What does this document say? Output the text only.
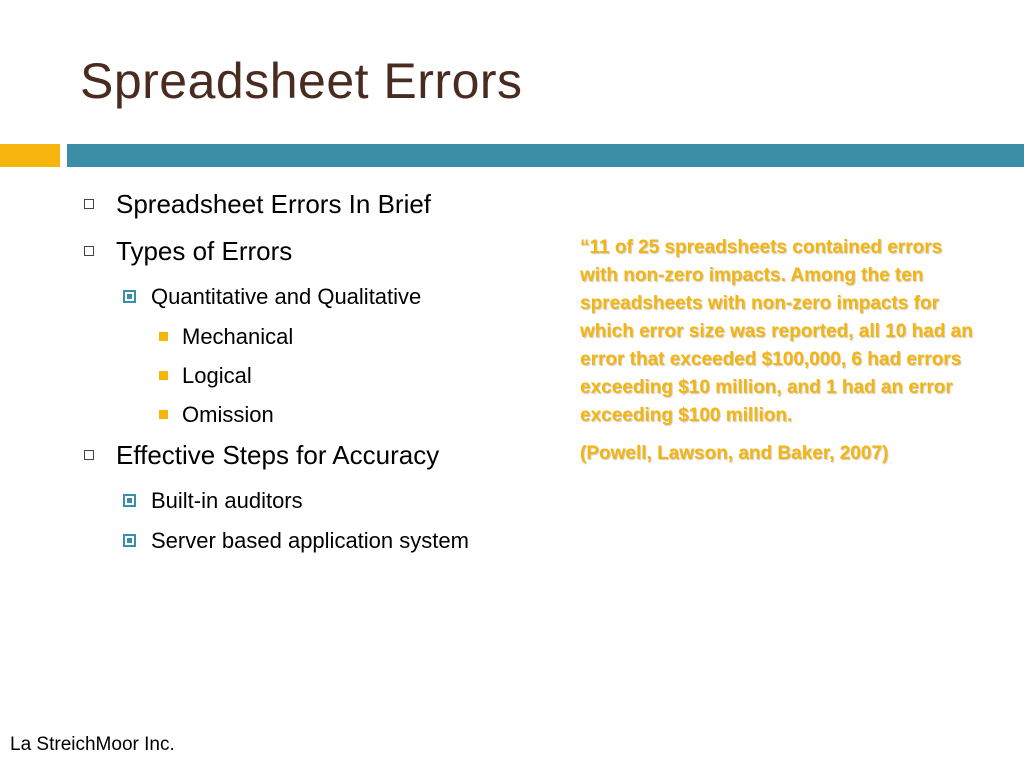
Spreadsheet Errors
Spreadsheet Errors In Brief
Types of Errors
Quantitative and Qualitative
Mechanical
Logical
Omission
Effective Steps for Accuracy
Built-in auditors
Server based application system

“11 of 25 spreadsheets contained errors with non-zero impacts. Among the ten spreadsheets with non-zero impacts for which error size was reported, all 10 had an error that exceeded $100,000, 6 had errors exceeding $10 million, and 1 had an error exceeding $100 million.

(Powell, Lawson, and Baker, 2007)

La StreichMoor Inc.
